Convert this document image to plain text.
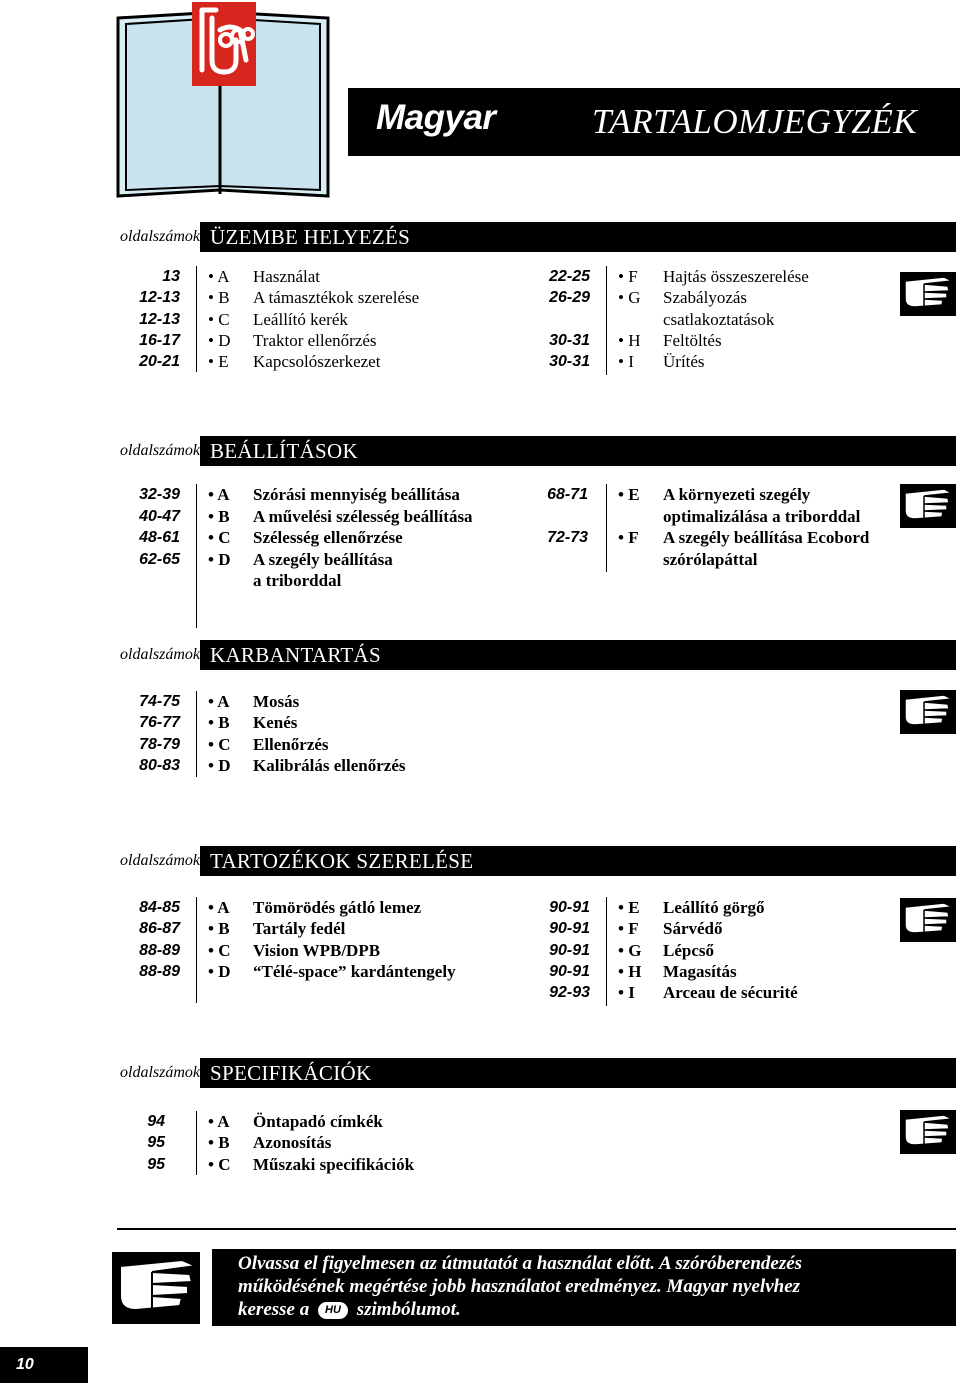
Magyar	TARTALOMJEGYZÉK
oldalszámok ÜZEMBE HELYEZÉS
13 • A Használat
12-13 • B A támasztékok szerelése
12-13 • C Leállító kerék
16-17 • D Traktor ellenőrzés
20-21 • E Kapcsolószerkezet
22-25 • F Hajtás összeszerelése
26-29 • G Szabályozás
csatlakoztatások
30-31 • H Feltöltés
30-31 • I Ürítés
oldalszámok BEÁLLÍTÁSOK
32-39 • A Szórási mennyiség beállítása
40-47 • B A művelési szélesség beállítása
48-61 • C Szélesség ellenőrzése
62-65 • D A szegély beállítása
a triborddal
68-71 • E A környezeti szegély
optimalizálása a triborddal
72-73 • F A szegély beállítása Ecobord
szórólapáttal
oldalszámok KARBANTARTÁS
74-75 • A Mosás
76-77 • B Kenés
78-79 • C Ellenőrzés
80-83 • D Kalibrálás ellenőrzés
oldalszámok TARTOZÉKOK SZERELÉSE
84-85 • A Tömörödés gátló lemez
86-87 • B Tartály fedél
88-89 • C Vision WPB/DPB
88-89 • D “Télé-space” kardántengely
90-91 • E Leállító görgő
90-91 • F Sárvédő
90-91 • G Lépcső
90-91 • H Magasítás
92-93 • I Arceau de sécurité
oldalszámok SPECIFIKÁCIÓK
94	• A Öntapadó címkék
95	• B Azonosítás
95	• C Műszaki specifikációk
Olvassa el figyelmesen az útmutatót a használat előtt. A szóróberendezés
működésének megértése jobb használatot eredményez. Magyar nyelvhez
keresse a HU szimbólumot.
10
